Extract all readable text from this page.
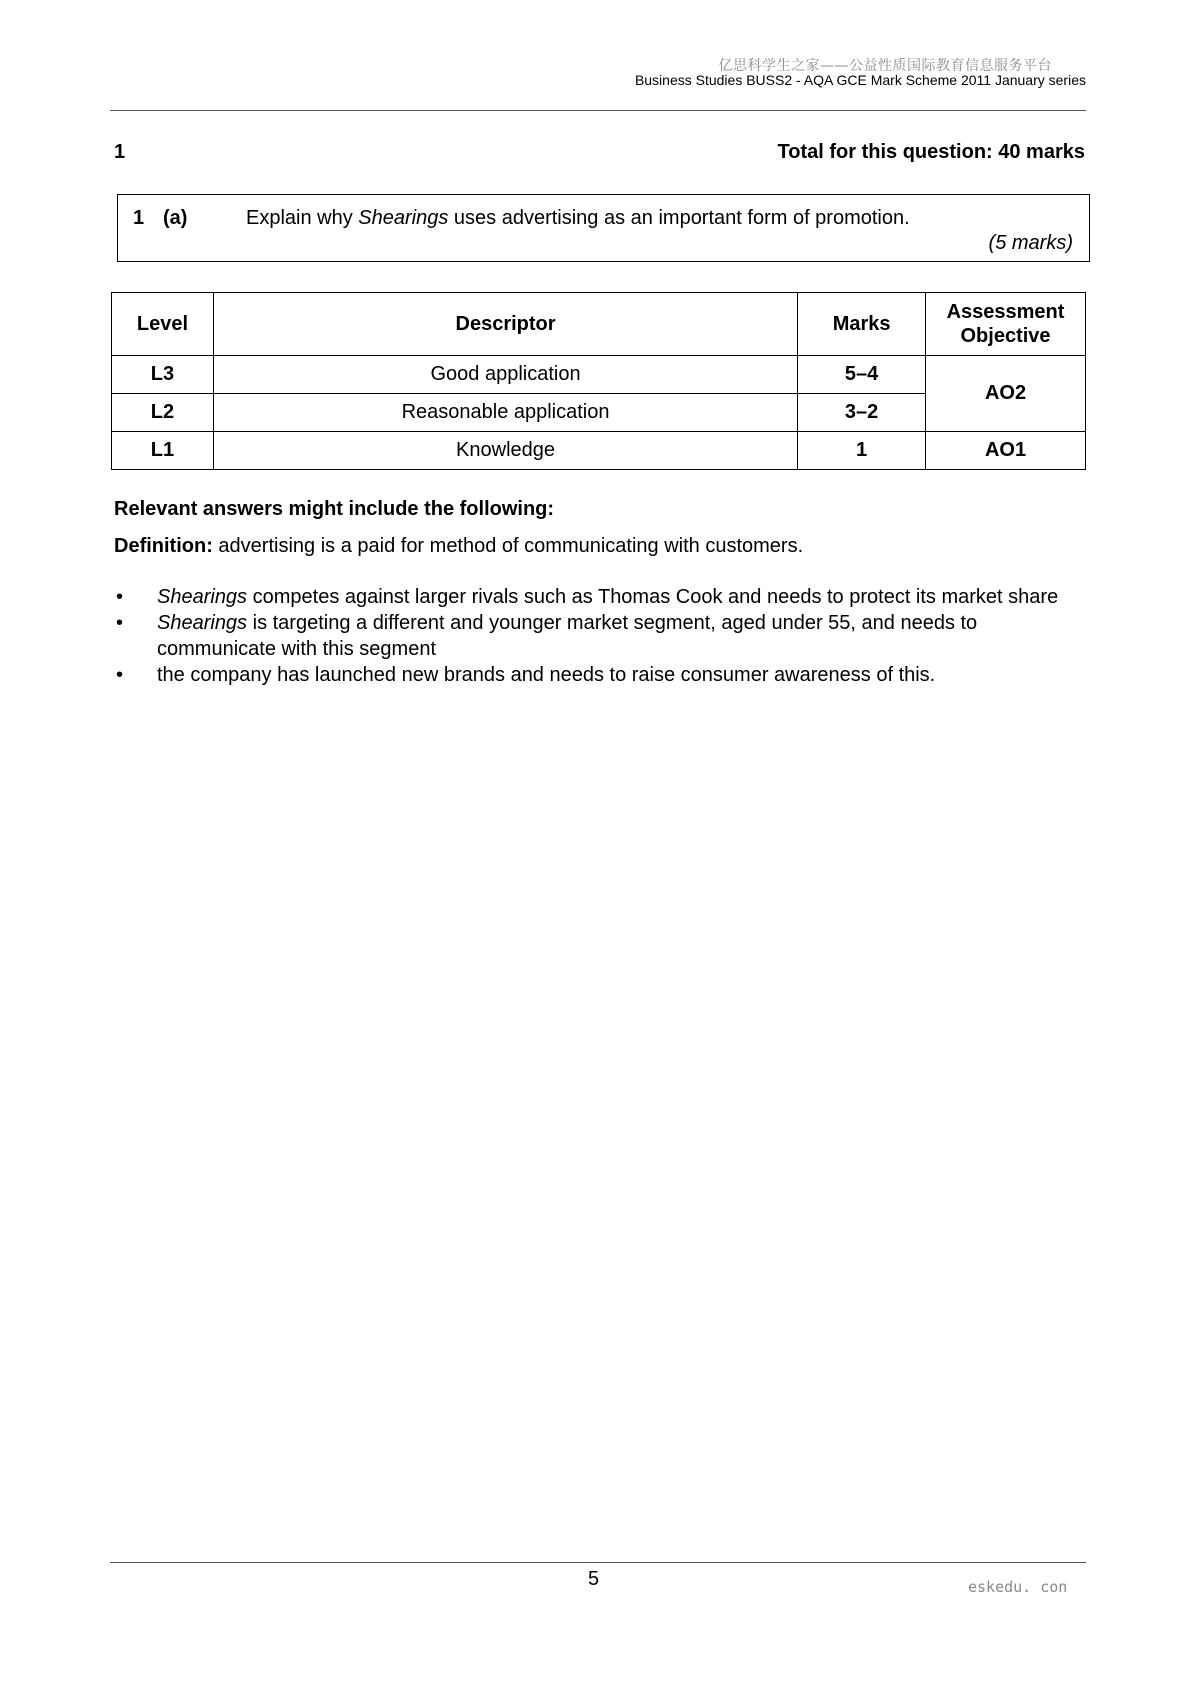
亿思科学生之家——公益性质国际教育信息服务平台
Business Studies BUSS2 - AQA GCE Mark Scheme 2011 January series
1	Total for this question: 40 marks
1 (a)	Explain why Shearings uses advertising as an important form of promotion.
(5 marks)
Level	Descriptor	Marks	Assessment
Objective
L3	Good application	5–4	AO2
L2	Reasonable application	3–2	
L1	Knowledge	1	AO1
Relevant answers might include the following:
Definition: advertising is a paid for method of communicating with customers.
• Shearings competes against larger rivals such as Thomas Cook and needs to protect its market share
• Shearings is targeting a different and younger market segment, aged under 55, and needs to communicate with this segment
• the company has launched new brands and needs to raise consumer awareness of this.
5	eskedu. con
